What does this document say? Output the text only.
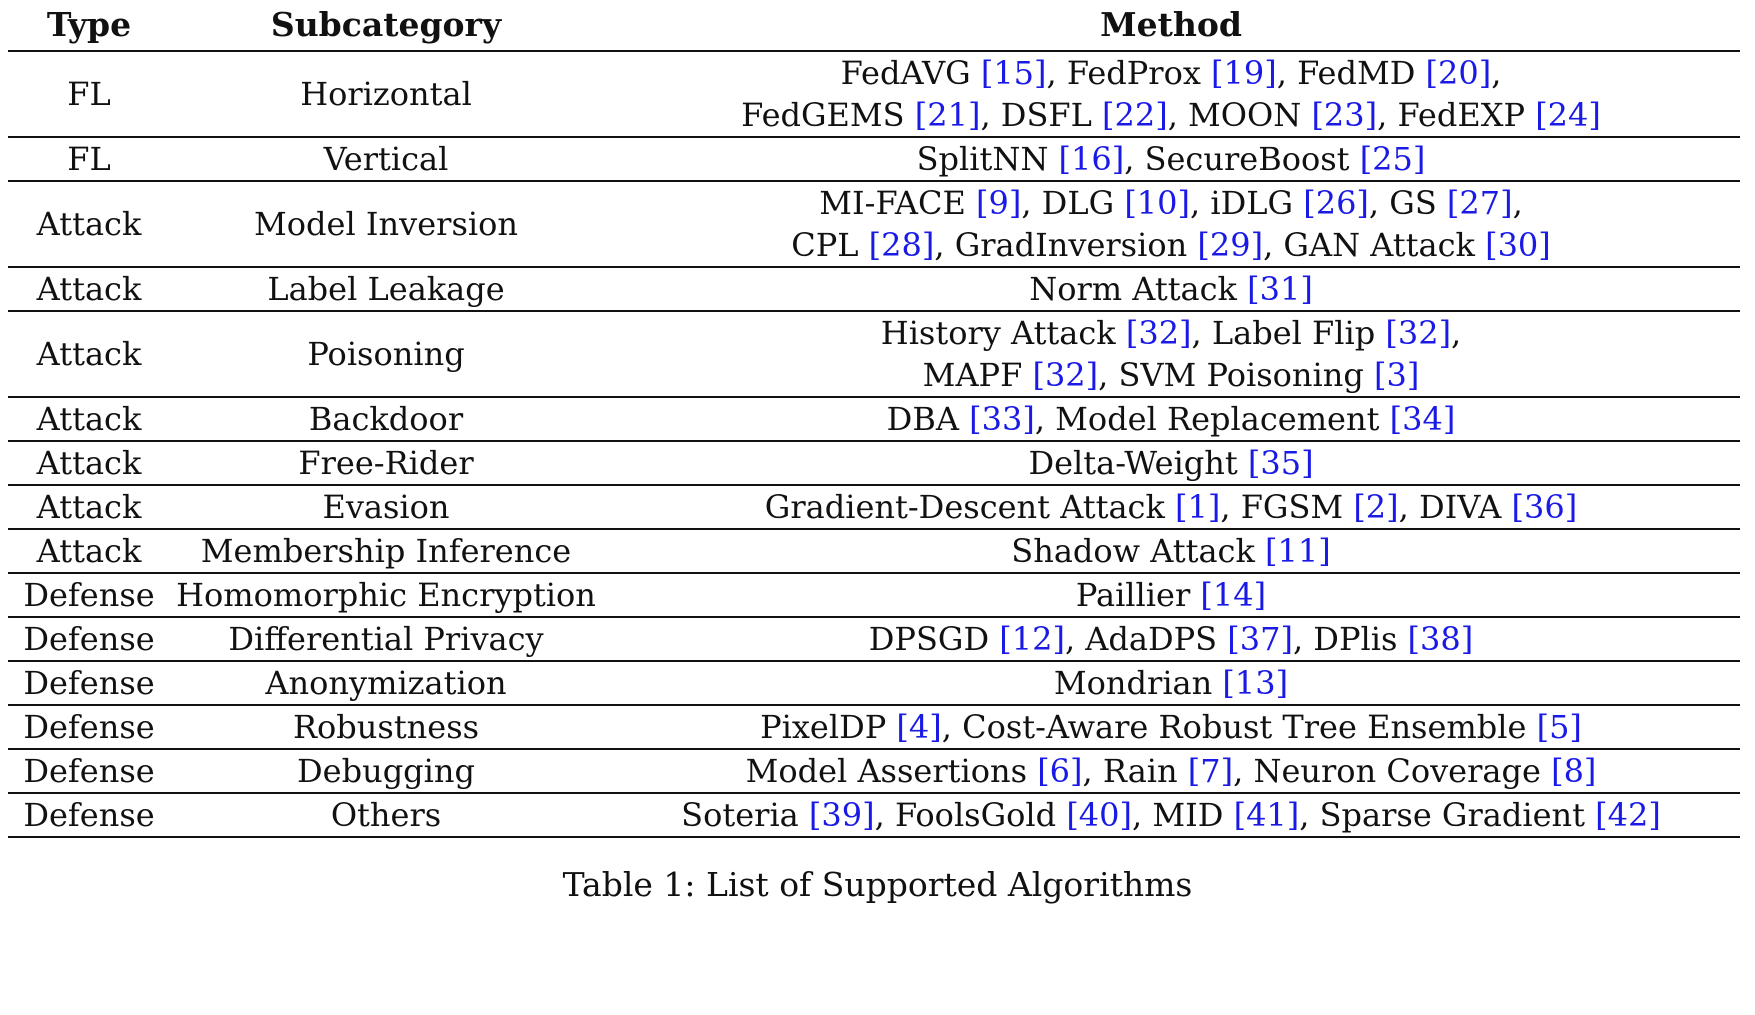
Type	Subcategory	Method
FL	Horizontal	FedAVG [15], FedProx [19], FedMD [20],
FedGEMS [21], DSFL [22], MOON [23], FedEXP [24]

FL	Vertical	SplitNN [16], SecureBoost [25]

Attack	Model Inversion	MI-FACE [9], DLG [10], iDLG [26], GS [27],
CPL [28], GradInversion [29], GAN Attack [30]

Attack	Label Leakage	Norm Attack [31]

Attack	Poisoning	History Attack [32], Label Flip [32],
MAPF [32], SVM Poisoning [3]

Attack	Backdoor	DBA [33], Model Replacement [34]

Attack	Free-Rider	Delta-Weight [35]

Attack	Evasion	Gradient-Descent Attack [1], FGSM [2], DIVA [36]

Attack	Membership Inference	Shadow Attack [11]

Defense	Homomorphic Encryption	Paillier [14]

Defense	Differential Privacy	DPSGD [12], AdaDPS [37], DPlis [38]

Defense	Anonymization	Mondrian [13]

Defense	Robustness	PixelDP [4], Cost-Aware Robust Tree Ensemble [5]

Defense	Debugging	Model Assertions [6], Rain [7], Neuron Coverage [8]

Defense	Others	Soteria [39], FoolsGold [40], MID [41], Sparse Gradient [42]
Table 1: List of Supported Algorithms
